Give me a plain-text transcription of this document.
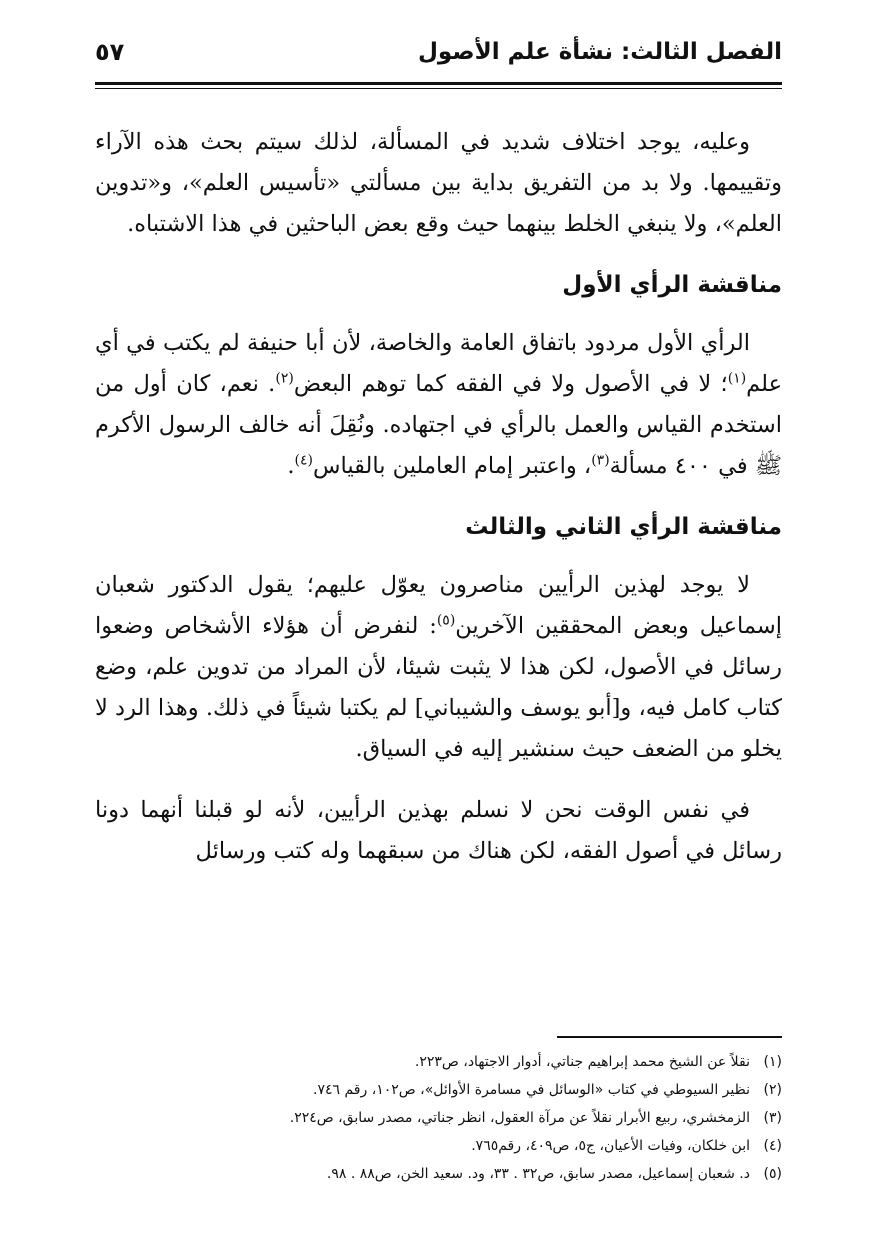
الفصل الثالث: نشأة علم الأصول
٥٧

وعليه، يوجد اختلاف شديد في المسألة، لذلك سيتم بحث هذه الآراء وتقييمها. ولا بد من التفريق بداية بين مسألتي «تأسيس العلم»، و«تدوين العلم»، ولا ينبغي الخلط بينهما حيث وقع بعض الباحثين في هذا الاشتباه.

مناقشة الرأي الأول

الرأي الأول مردود باتفاق العامة والخاصة، لأن أبا حنيفة لم يكتب في أي علم$^{(١)}$؛ لا في الأصول ولا في الفقه كما توهم البعض$^{(٢)}$. نعم، كان أول من استخدم القياس والعمل بالرأي في اجتهاده. ونُقِلَ أنه خالف الرسول الأكرم ﷺ في ٤٠٠ مسألة$^{(٣)}$، واعتبر إمام العاملين بالقياس$^{(٤)}$.

مناقشة الرأي الثاني والثالث

لا يوجد لهذين الرأيين مناصرون يعوّل عليهم؛ يقول الدكتور شعبان إسماعيل وبعض المحققين الآخرين$^{(٥)}$: لنفرض أن هؤلاء الأشخاص وضعوا رسائل في الأصول، لكن هذا لا يثبت شيئا، لأن المراد من تدوين علم، وضع كتاب كامل فيه، و[أبو يوسف والشيباني] لم يكتبا شيئاً في ذلك. وهذا الرد لا يخلو من الضعف حيث سنشير إليه في السياق.

في نفس الوقت نحن لا نسلم بهذين الرأيين، لأنه لو قبلنا أنهما دونا رسائل في أصول الفقه، لكن هناك من سبقهما وله كتب ورسائل

(١)
نقلاً عن الشيخ محمد إبراهيم جناتي، أدوار الاجتهاد، ص٢٢٣.
(٢)
نظير السيوطي في كتاب «الوسائل في مسامرة الأوائل»، ص١٠٢، رقم ٧٤٦.
(٣)
الزمخشري، ربيع الأبرار نقلاً عن مرآة العقول، انظر جناتي، مصدر سابق، ص٢٢٤.
(٤)
ابن خلكان، وفيات الأعيان، ج٥، ص٤٠٩، رقم٧٦٥.
(٥)
د. شعبان إسماعيل، مصدر سابق، ص٣٢ . ٣٣، ود. سعيد الخن، ص٨٨ . ٩٨.
